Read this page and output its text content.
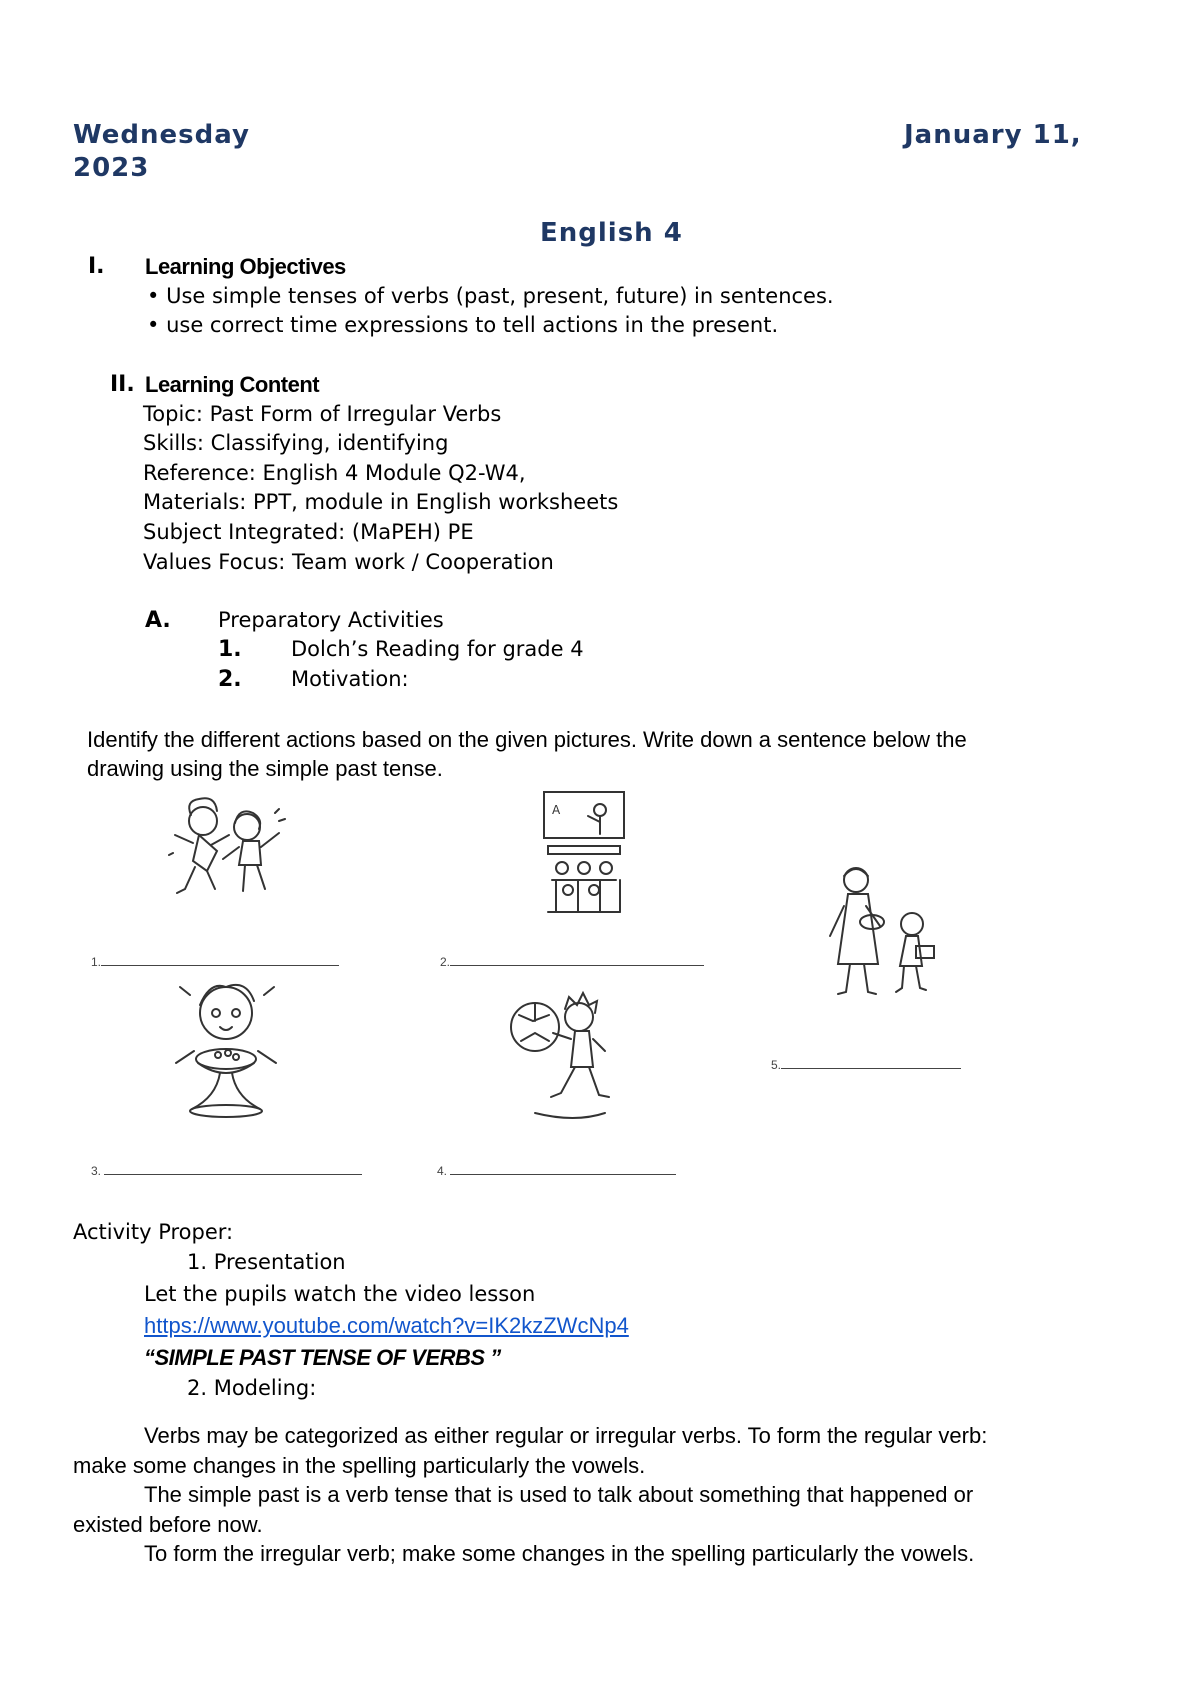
Wednesday	January 11,
2023
English 4
I. Learning Objectives
• Use simple tenses of verbs (past, present, future) in sentences.
• use correct time expressions to tell actions in the present.
II. Learning Content
Topic: Past Form of Irregular Verbs
Skills: Classifying, identifying
Reference: English 4 Module Q2-W4,
Materials: PPT, module in English worksheets
Subject Integrated: (MaPEH) PE
Values Focus: Team work / Cooperation
A. Preparatory Activities
1. Dolch’s Reading for grade 4
2. Motivation:
Identify the different actions based on the given pictures. Write down a sentence below the
drawing using the simple past tense.
A
1.	2.
5.
3.	4.
Activity Proper:
1. Presentation
Let the pupils watch the video lesson
https://www.youtube.com/watch?v=IK2kzZWcNp4
“SIMPLE PAST TENSE OF VERBS ”
2. Modeling:
Verbs may be categorized as either regular or irregular verbs. To form the regular verb:
make some changes in the spelling particularly the vowels.
The simple past is a verb tense that is used to talk about something that happened or
existed before now.
To form the irregular verb; make some changes in the spelling particularly the vowels.
